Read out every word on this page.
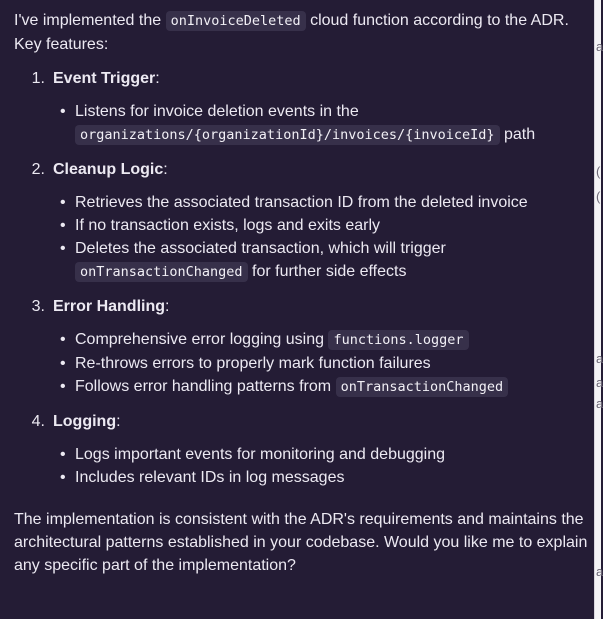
I've implemented the onInvoiceDeleted cloud function according to the ADR. Key features:

1. Event Trigger:
• Listens for invoice deletion events in the
organizations/{organizationId}/invoices/{invoiceId} path
2. Cleanup Logic:
• Retrieves the associated transaction ID from the deleted invoice
• If no transaction exists, logs and exits early
• Deletes the associated transaction, which will trigger
onTransactionChanged for further side effects
3. Error Handling:
• Comprehensive error logging using functions.logger
• Re-throws errors to properly mark function failures
• Follows error handling patterns from onTransactionChanged
4. Logging:
• Logs important events for monitoring and debugging
• Includes relevant IDs in log messages

The implementation is consistent with the ADR's requirements and maintains the architectural patterns established in your codebase. Would you like me to explain any specific part of the implementation?

a
(
(
a
a
a
a
